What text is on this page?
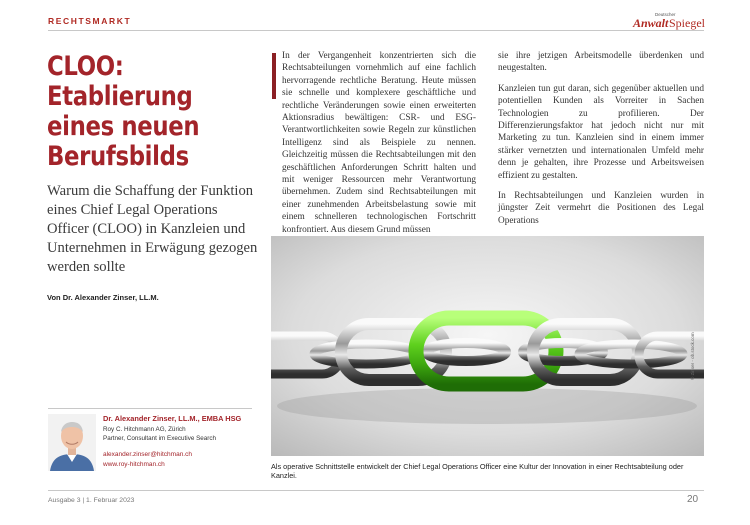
RECHTSMARKT
Deutscher
Anwalt Spiegel
CLOO:
Etablierung
eines neuen
Berufsbilds
Warum die Schaffung der Funktion eines Chief Legal Operations Officer (CLOO) in Kanzleien und Unternehmen in Erwägung gezogen werden sollte
Von Dr. Alexander Zinser, LL.M.

In der Vergangenheit konzentrierten sich die Rechtsabteilungen vornehmlich auf eine fachlich hervorragende rechtliche Beratung. Heute müssen sie schnelle und komplexere geschäftliche und rechtliche Veränderungen sowie einen erweiterten Aktionsradius bewältigen: CSR- und ESG-Verantwortlichkeiten sowie Regeln zur künstlichen Intelligenz sind als Beispiele zu nennen. Gleichzeitig müssen die Rechtsabteilungen mit den geschäftlichen Anforderungen Schritt halten und mit weniger Ressourcen mehr Verantwortung übernehmen. Zudem sind Rechtsabteilungen mit einer zunehmenden Arbeitsbelastung sowie mit einem schnelleren technologischen Fortschritt konfrontiert. Aus diesem Grund müssen

sie ihre jetzigen Arbeitsmodelle überdenken und neugestalten.

Kanzleien tun gut daran, sich gegenüber aktuellen und potentiellen Kunden als Vorreiter in Sachen Technologien zu profilieren. Der Differenzierungsfaktor hat jedoch nicht nur mit Marketing zu tun. Kanzleien sind in einem immer stärker vernetzten und internationalen Umfeld mehr denn je gehalten, ihre Prozesse und Arbeitsweisen effizient zu gestalten.

In Rechtsabteilungen und Kanzleien wurden in jüngster Zeit vermehrt die Positionen des Legal Operations

© Zinser - ob.stock.com
Als operative Schnittstelle entwickelt der Chief Legal Operations Officer eine Kultur der Innovation in einer Rechtsabteilung oder Kanzlei.
Dr. Alexander Zinser, LL.M., EMBA HSG
Roy C. Hitchmann AG, Zürich
Partner, Consultant im Executive Search
alexander.zinser@hitchman.ch
www.roy-hitchman.ch
Ausgabe 3 | 1. Februar 2023	20
